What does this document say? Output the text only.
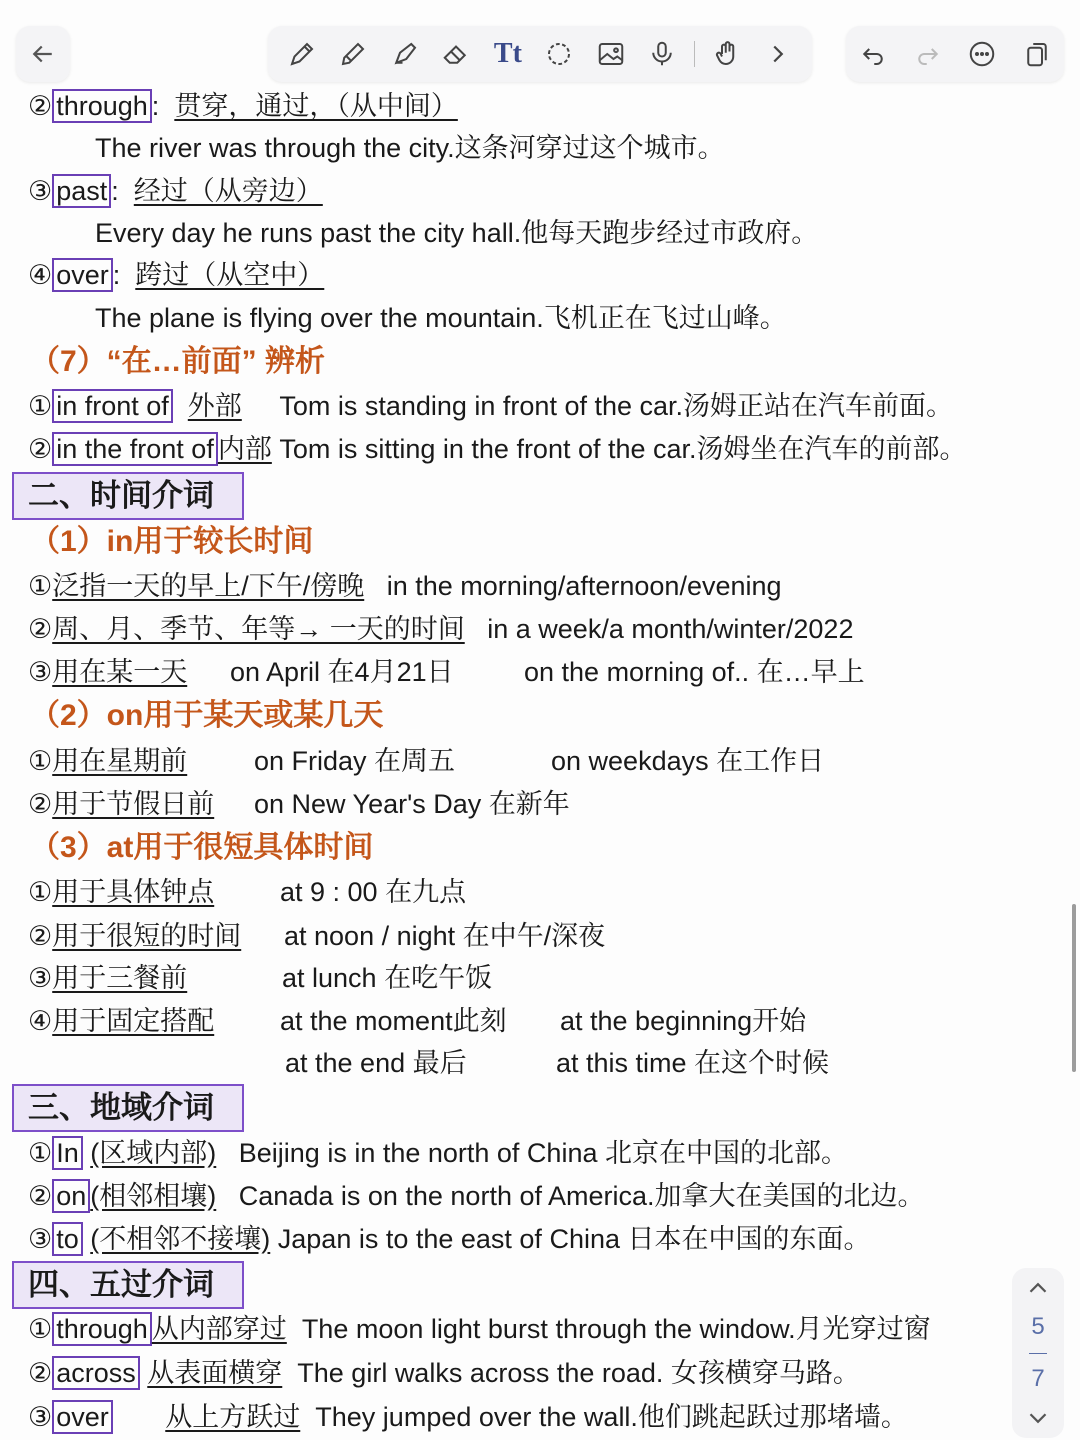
Tt
② through : 贯穿，通过，（从中间）
The river was through the city.这条河穿过这个城市。
③ past : 经过（从旁边）
Every day he runs past the city hall.他每天跑步经过市政府。
④ over : 跨过（从空中）
The plane is flying over the mountain.飞机正在飞过山峰。
（7）“在…前面” 辨析
① in front of 外部 Tom is standing in front of the car.汤姆正站在汽车前面。
② in the front of 内部 Tom is sitting in the front of the car.汤姆坐在汽车的前部。
二、时间介词
（1）in用于较长时间
①泛指一天的早上/下午/傍晚 in the morning/afternoon/evening
②周、月、季节、年等→ 一天的时间 in a week/a month/winter/2022
③用在某一天 on April 在4月21日	on the morning of.. 在…早上
（2）on用于某天或某几天
①用在星期前 on Friday 在周五	on weekdays 在工作日
②用于节假日前 on New Year's Day 在新年
（3）at用于很短具体时间
①用于具体钟点 at 9 : 00 在九点
②用于很短的时间 at noon / night 在中午/深夜
③用于三餐前	at lunch 在吃午饭
④用于固定搭配 at the moment此刻 at the beginning开始
at the end 最后	at this time 在这个时候
三、地域介词
① In (区域内部) Beijing is in the north of China 北京在中国的北部。
② on (相邻相壤) Canada is on the north of America.加拿大在美国的北边。
③ to (不相邻不接壤) Japan is to the east of China 日本在中国的东面。
四、五过介词
① through 从内部穿过 The moon light burst through the window.月光穿过窗
② across 从表面横穿 The girl walks across the road. 女孩横穿马路。
③ over 从上方跃过 They jumped over the wall.他们跳起跃过那堵墙。
5
7
